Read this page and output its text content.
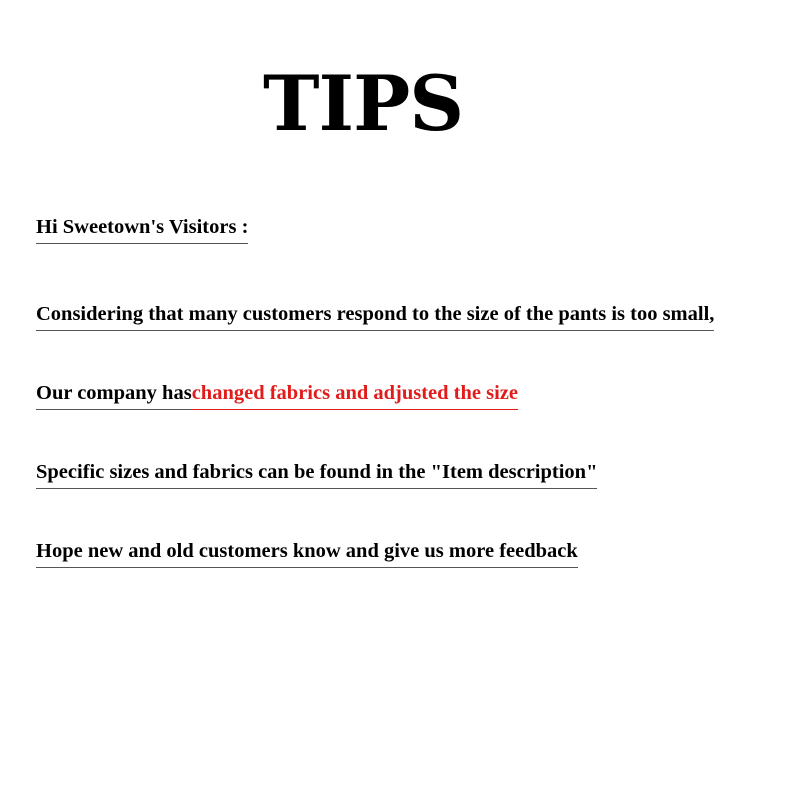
TIPS

Hi Sweetown's Visitors :

Considering that many customers respond to the size of the pants is too small,

Our company haschanged fabrics and adjusted the size

Specific sizes and fabrics can be found in the "Item description"

Hope new and old customers know and give us more feedback
